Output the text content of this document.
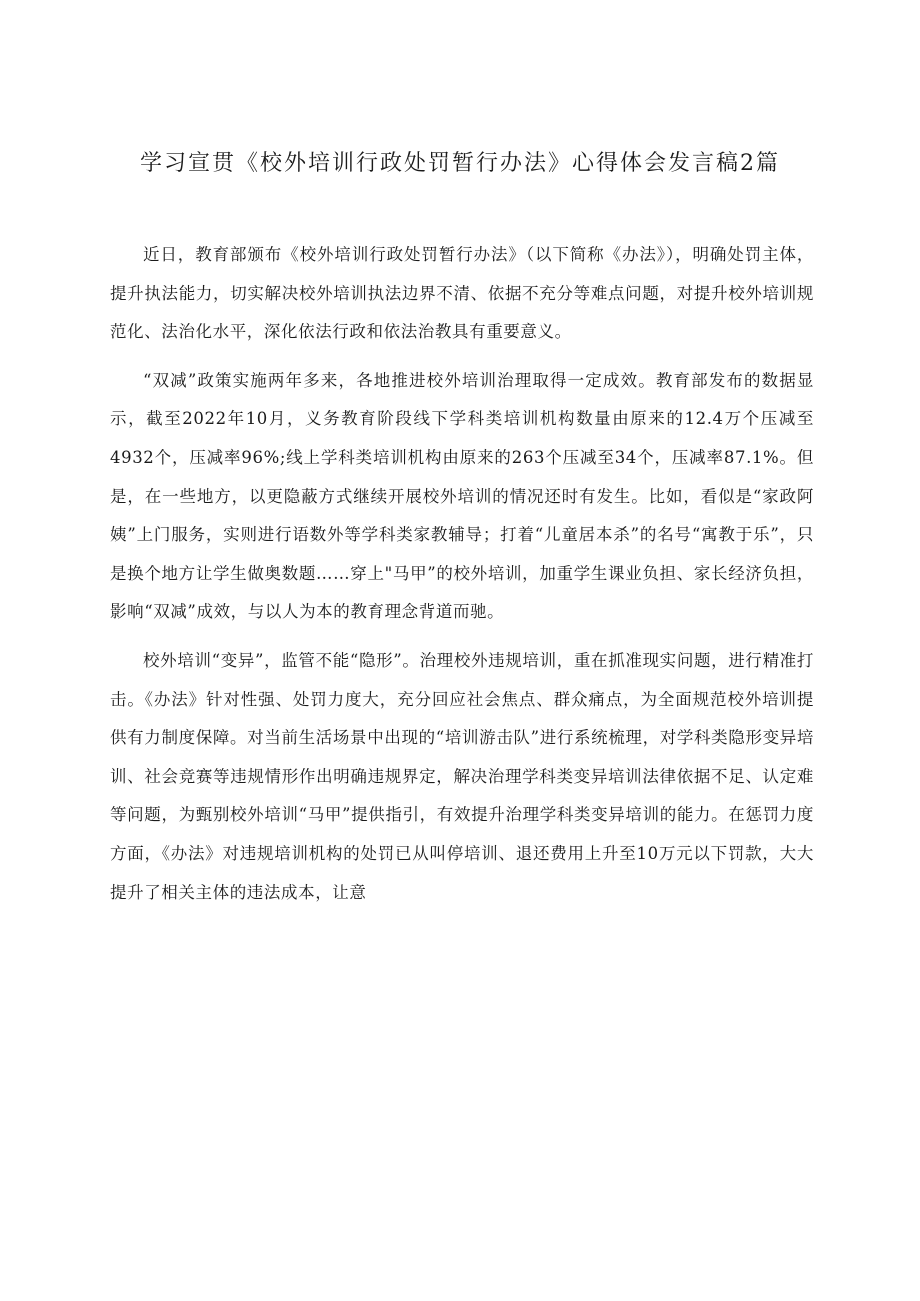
学习宣贯《校外培训行政处罚暂行办法》心得体会发言稿2篇

近日，教育部颁布《校外培训行政处罚暂行办法》（以下简称《办法》），明确处罚主体，提升执法能力，切实解决校外培训执法边界不清、依据不充分等难点问题，对提升校外培训规范化、法治化水平，深化依法行政和依法治教具有重要意义。

“双减”政策实施两年多来，各地推进校外培训治理取得一定成效。教育部发布的数据显示，截至2022年10月，义务教育阶段线下学科类培训机构数量由原来的12.4万个压减至4932个，压减率96%;线上学科类培训机构由原来的263个压减至34个，压减率87.1%。但是，在一些地方，以更隐蔽方式继续开展校外培训的情况还时有发生。比如，看似是“家政阿姨”上门服务，实则进行语数外等学科类家教辅导；打着“儿童居本杀”的名号“寓教于乐”，只是换个地方让学生做奥数题……穿上"马甲”的校外培训，加重学生课业负担、家长经济负担，影响“双减”成效，与以人为本的教育理念背道而驰。

校外培训“变异”，监管不能“隐形”。治理校外违规培训，重在抓准现实问题，进行精准打击。《办法》针对性强、处罚力度大，充分回应社会焦点、群众痛点，为全面规范校外培训提供有力制度保障。对当前生活场景中出现的“培训游击队”进行系统梳理，对学科类隐形变异培训、社会竞赛等违规情形作出明确违规界定，解决治理学科类变异培训法律依据不足、认定难等问题，为甄别校外培训“马甲”提供指引，有效提升治理学科类变异培训的能力。在惩罚力度方面，《办法》对违规培训机构的处罚已从叫停培训、退还费用上升至10万元以下罚款，大大提升了相关主体的违法成本，让意
